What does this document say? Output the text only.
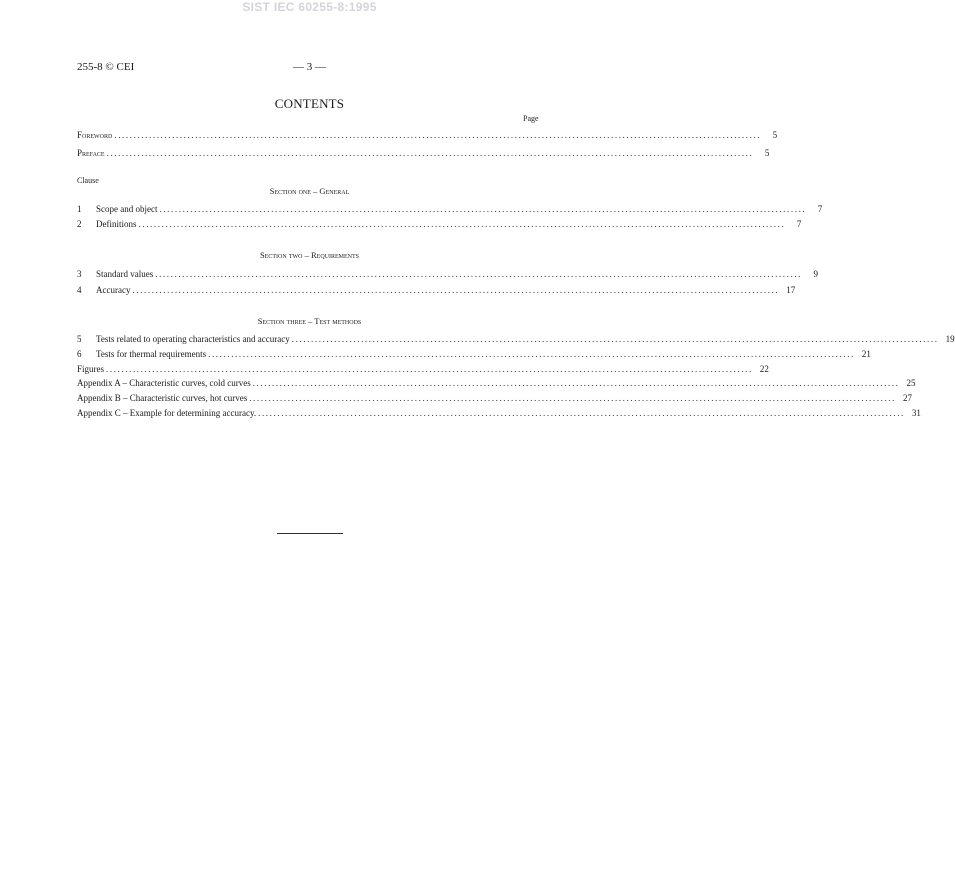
SIST IEC 60255-8:1995
255-8 © CEI	— 3 —
CONTENTS
Page
Foreword ........................................................................................................................................................................	5
Preface ........................................................................................................................................................................	5
Clause
Section one – General
1	Scope and object ........................................................................................................................................................................	7
2	Definitions ........................................................................................................................................................................	7
Section two – Requirements
3	Standard values ........................................................................................................................................................................	9
4	Accuracy ........................................................................................................................................................................ 17
Section three – Test methods
5	Tests related to operating characteristics and accuracy ........................................................................................................................................................................ 19
6	Tests for thermal requirements ........................................................................................................................................................................ 21
Figures ........................................................................................................................................................................ 22
Appendix A – Characteristic curves, cold curves ........................................................................................................................................................................ 25
Appendix B – Characteristic curves, hot curves ........................................................................................................................................................................ 27
Appendix C – Example for determining accuracy. ........................................................................................................................................................................ 31
